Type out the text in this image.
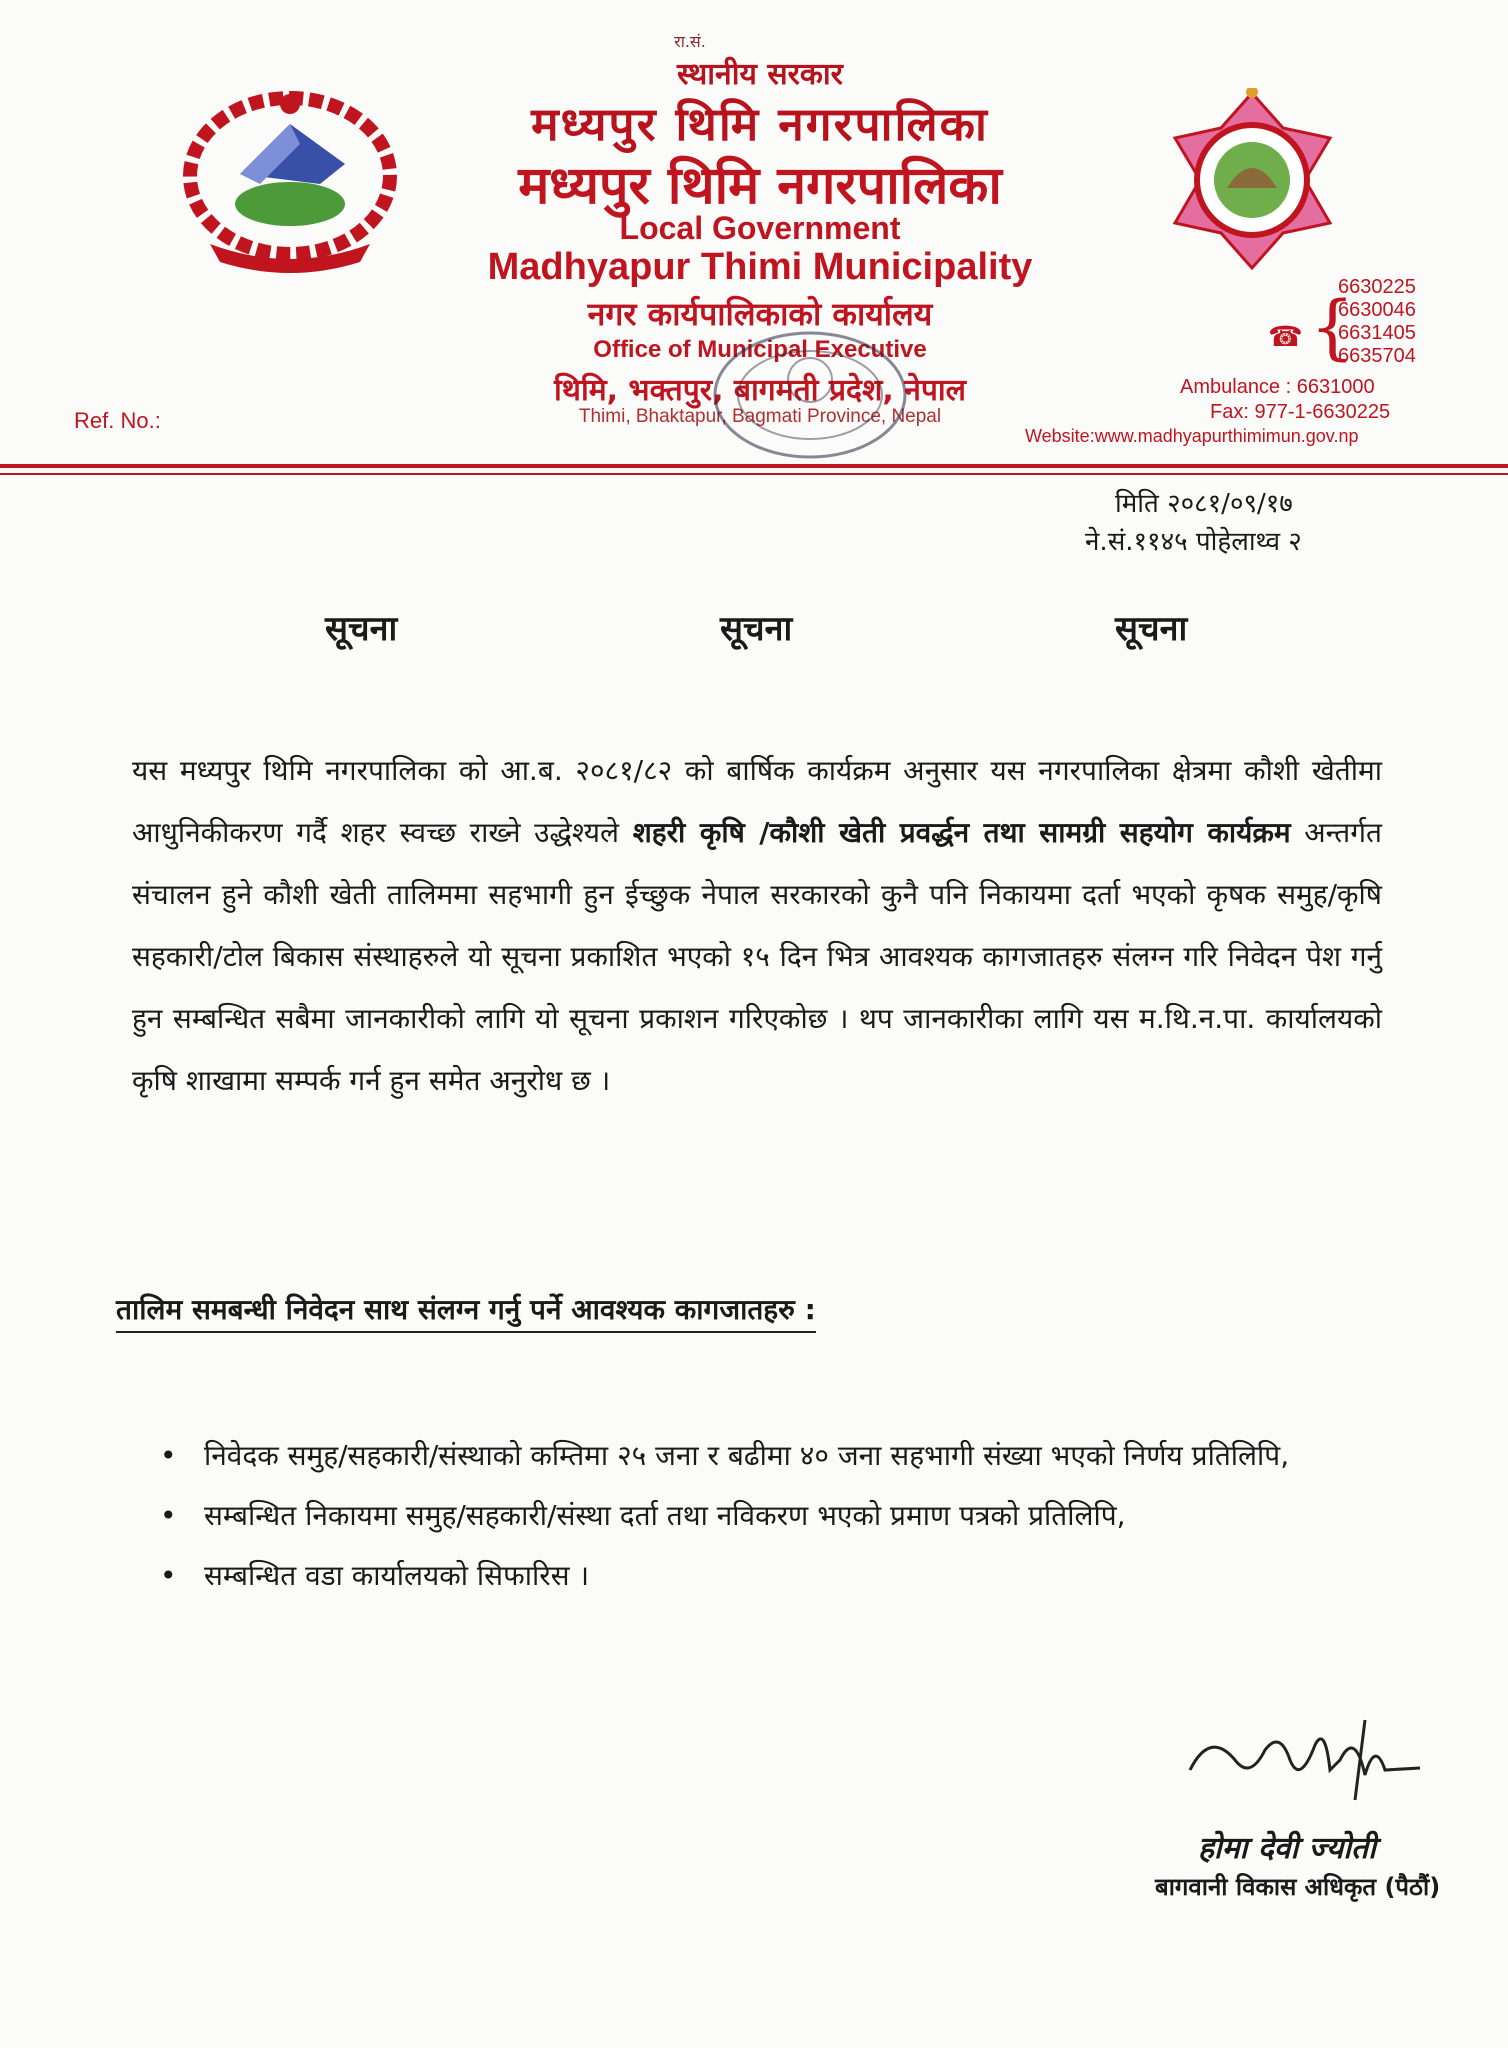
रा.सं.
स्थानीय सरकार
मध्यपुर थिमि नगरपालिका
मध्यपुर थिमि नगरपालिका
Local Government
Madhyapur Thimi Municipality
नगर कार्यपालिकाको कार्यालय
Office of Municipal Executive
थिमि, भक्तपुर, बागमती प्रदेश, नेपाल
Thimi, Bhaktapur, Bagmati Province, Nepal
Ref. No.:
☎ {
6630225
6630046
6631405
6635704
Ambulance : 6631000
Fax: 977-1-6630225
Website:www.madhyapurthimimun.gov.np
मिति २०८१/०९/१७
ने.सं.११४५ पोहेलाथ्व २
सूचना	सूचना	सूचना
यस मध्यपुर थिमि नगरपालिका को आ.ब. २०८१/८२ को बार्षिक कार्यक्रम अनुसार यस नगरपालिका क्षेत्रमा कौशी खेतीमा आधुनिकीकरण गर्दै शहर स्वच्छ राख्ने उद्धेश्यले शहरी कृषि /कौशी खेती प्रवर्द्धन तथा सामग्री सहयोग कार्यक्रम अन्तर्गत संचालन हुने कौशी खेती तालिममा सहभागी हुन ईच्छुक नेपाल सरकारको कुनै पनि निकायमा दर्ता भएको कृषक समुह/कृषि सहकारी/टोल बिकास संस्थाहरुले यो सूचना प्रकाशित भएको १५ दिन भित्र आवश्यक कागजातहरु संलग्न गरि निवेदन पेश गर्नु हुन सम्बन्धित सबैमा जानकारीको लागि यो सूचना प्रकाशन गरिएकोछ । थप जानकारीका लागि यस म.थि.न.पा. कार्यालयको कृषि शाखामा सम्पर्क गर्न हुन समेत अनुरोध छ ।
तालिम समबन्धी निवेदन साथ संलग्न गर्नु पर्ने आवश्यक कागजातहरु :
• निवेदक समुह/सहकारी/संस्थाको कम्तिमा २५ जना र बढीमा ४० जना सहभागी संख्या भएको निर्णय प्रतिलिपि,
• सम्बन्धित निकायमा समुह/सहकारी/संस्था दर्ता तथा नविकरण भएको प्रमाण पत्रको प्रतिलिपि,
• सम्बन्धित वडा कार्यालयको सिफारिस ।
होमा देवी ज्योती
बागवानी विकास अधिकृत (पैठौं)
